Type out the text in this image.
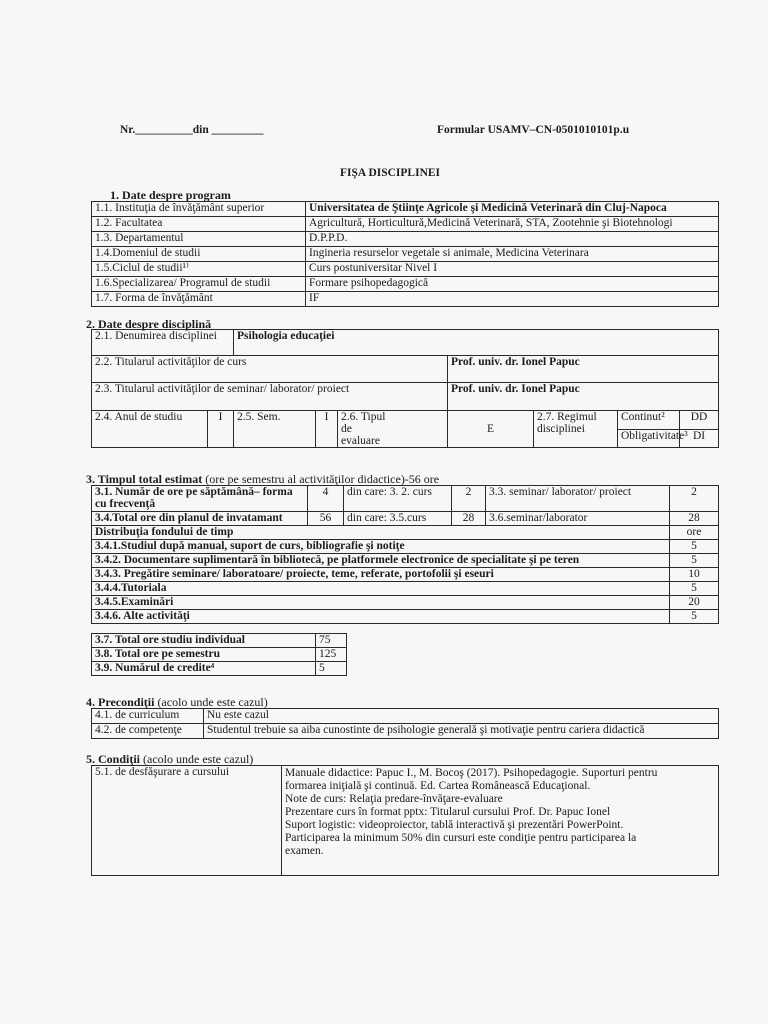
Nr.__________din _________	Formular USAMV–CN-0501010101p.u
FIŞA DISCIPLINEI
1. Date despre program
1.1. Instituţia de învăţământ superior	Universitatea de Ştiinţe Agricole şi Medicină Veterinară din Cluj-Napoca
1.2. Facultatea	Agricultură, Horticultură,Medicină Veterinară, STA, Zootehnie şi Biotehnologi
1.3. Departamentul	D.P.P.D.
1.4.Domeniul de studii	Ingineria resurselor vegetale si animale, Medicina Veterinara
1.5.Ciclul de studii¹⁾	Curs postuniversitar Nivel I
1.6.Specializarea/ Programul de studii	Formare psihopedagogică
1.7. Forma de învăţământ	IF
2. Date despre disciplină
2.1. Denumirea disciplinei		Psihologia educaţiei						
2.2. Titularul activităţilor de curs					Prof. univ. dr. Ionel Papuc			
2.3. Titularul activităţilor de seminar/ laborator/ proiect					Prof. univ. dr. Ionel Papuc			
2.4. Anul de studiu	I	2.5. Sem.	I	2.6. Tipul de evaluare	E	2.7. Regimul disciplinei	Continut²	DD
							Obligativitate³	DI
3. Timpul total estimat (ore pe semestru al activităţilor didactice)-56 ore
3.1. Număr de ore pe săptămână– forma cu frecvenţă	4	din care: 3. 2. curs	2	3.3. seminar/ laborator/ proiect	2
3.4.Total ore din planul de invatamant	56	din care: 3.5.curs	28	3.6.seminar/laborator	28
Distribuţia fondului de timp					ore
3.4.1.Studiul după manual, suport de curs, bibliografie şi notiţe					5
3.4.2. Documentare suplimentară în bibliotecă, pe platformele electronice de specialitate şi pe teren					5
3.4.3. Pregătire seminare/ laboratoare/ proiecte, teme, referate, portofolii şi eseuri					10
3.4.4.Tutoriala					5
3.4.5.Examinări					20
3.4.6. Alte activităţi					5
3.7. Total ore studiu individual	75
3.8. Total ore pe semestru	125
3.9. Numărul de credite⁴	5
4. Precondiţii (acolo unde este cazul)
4.1. de curriculum	Nu este cazul
4.2. de competenţe	Studentul trebuie sa aiba cunostinte de psihologie generală şi motivaţie pentru cariera didactică
5. Condiţii (acolo unde este cazul)
5.1. de desfăşurare a cursului	Manuale didactice: Papuc I., M. Bocoş (2017). Psihopedagogie. Suporturi pentru
formarea iniţială şi continuă. Ed. Cartea Românească Educaţional.
Note de curs: Relaţia predare-învăţare-evaluare
Prezentare curs în format pptx: Titularul cursului Prof. Dr. Papuc Ionel
Suport logistic: videoproiector, tablă interactivă şi prezentări PowerPoint.
Participarea la minimum 50% din cursuri este condiţie pentru participarea la
examen.
